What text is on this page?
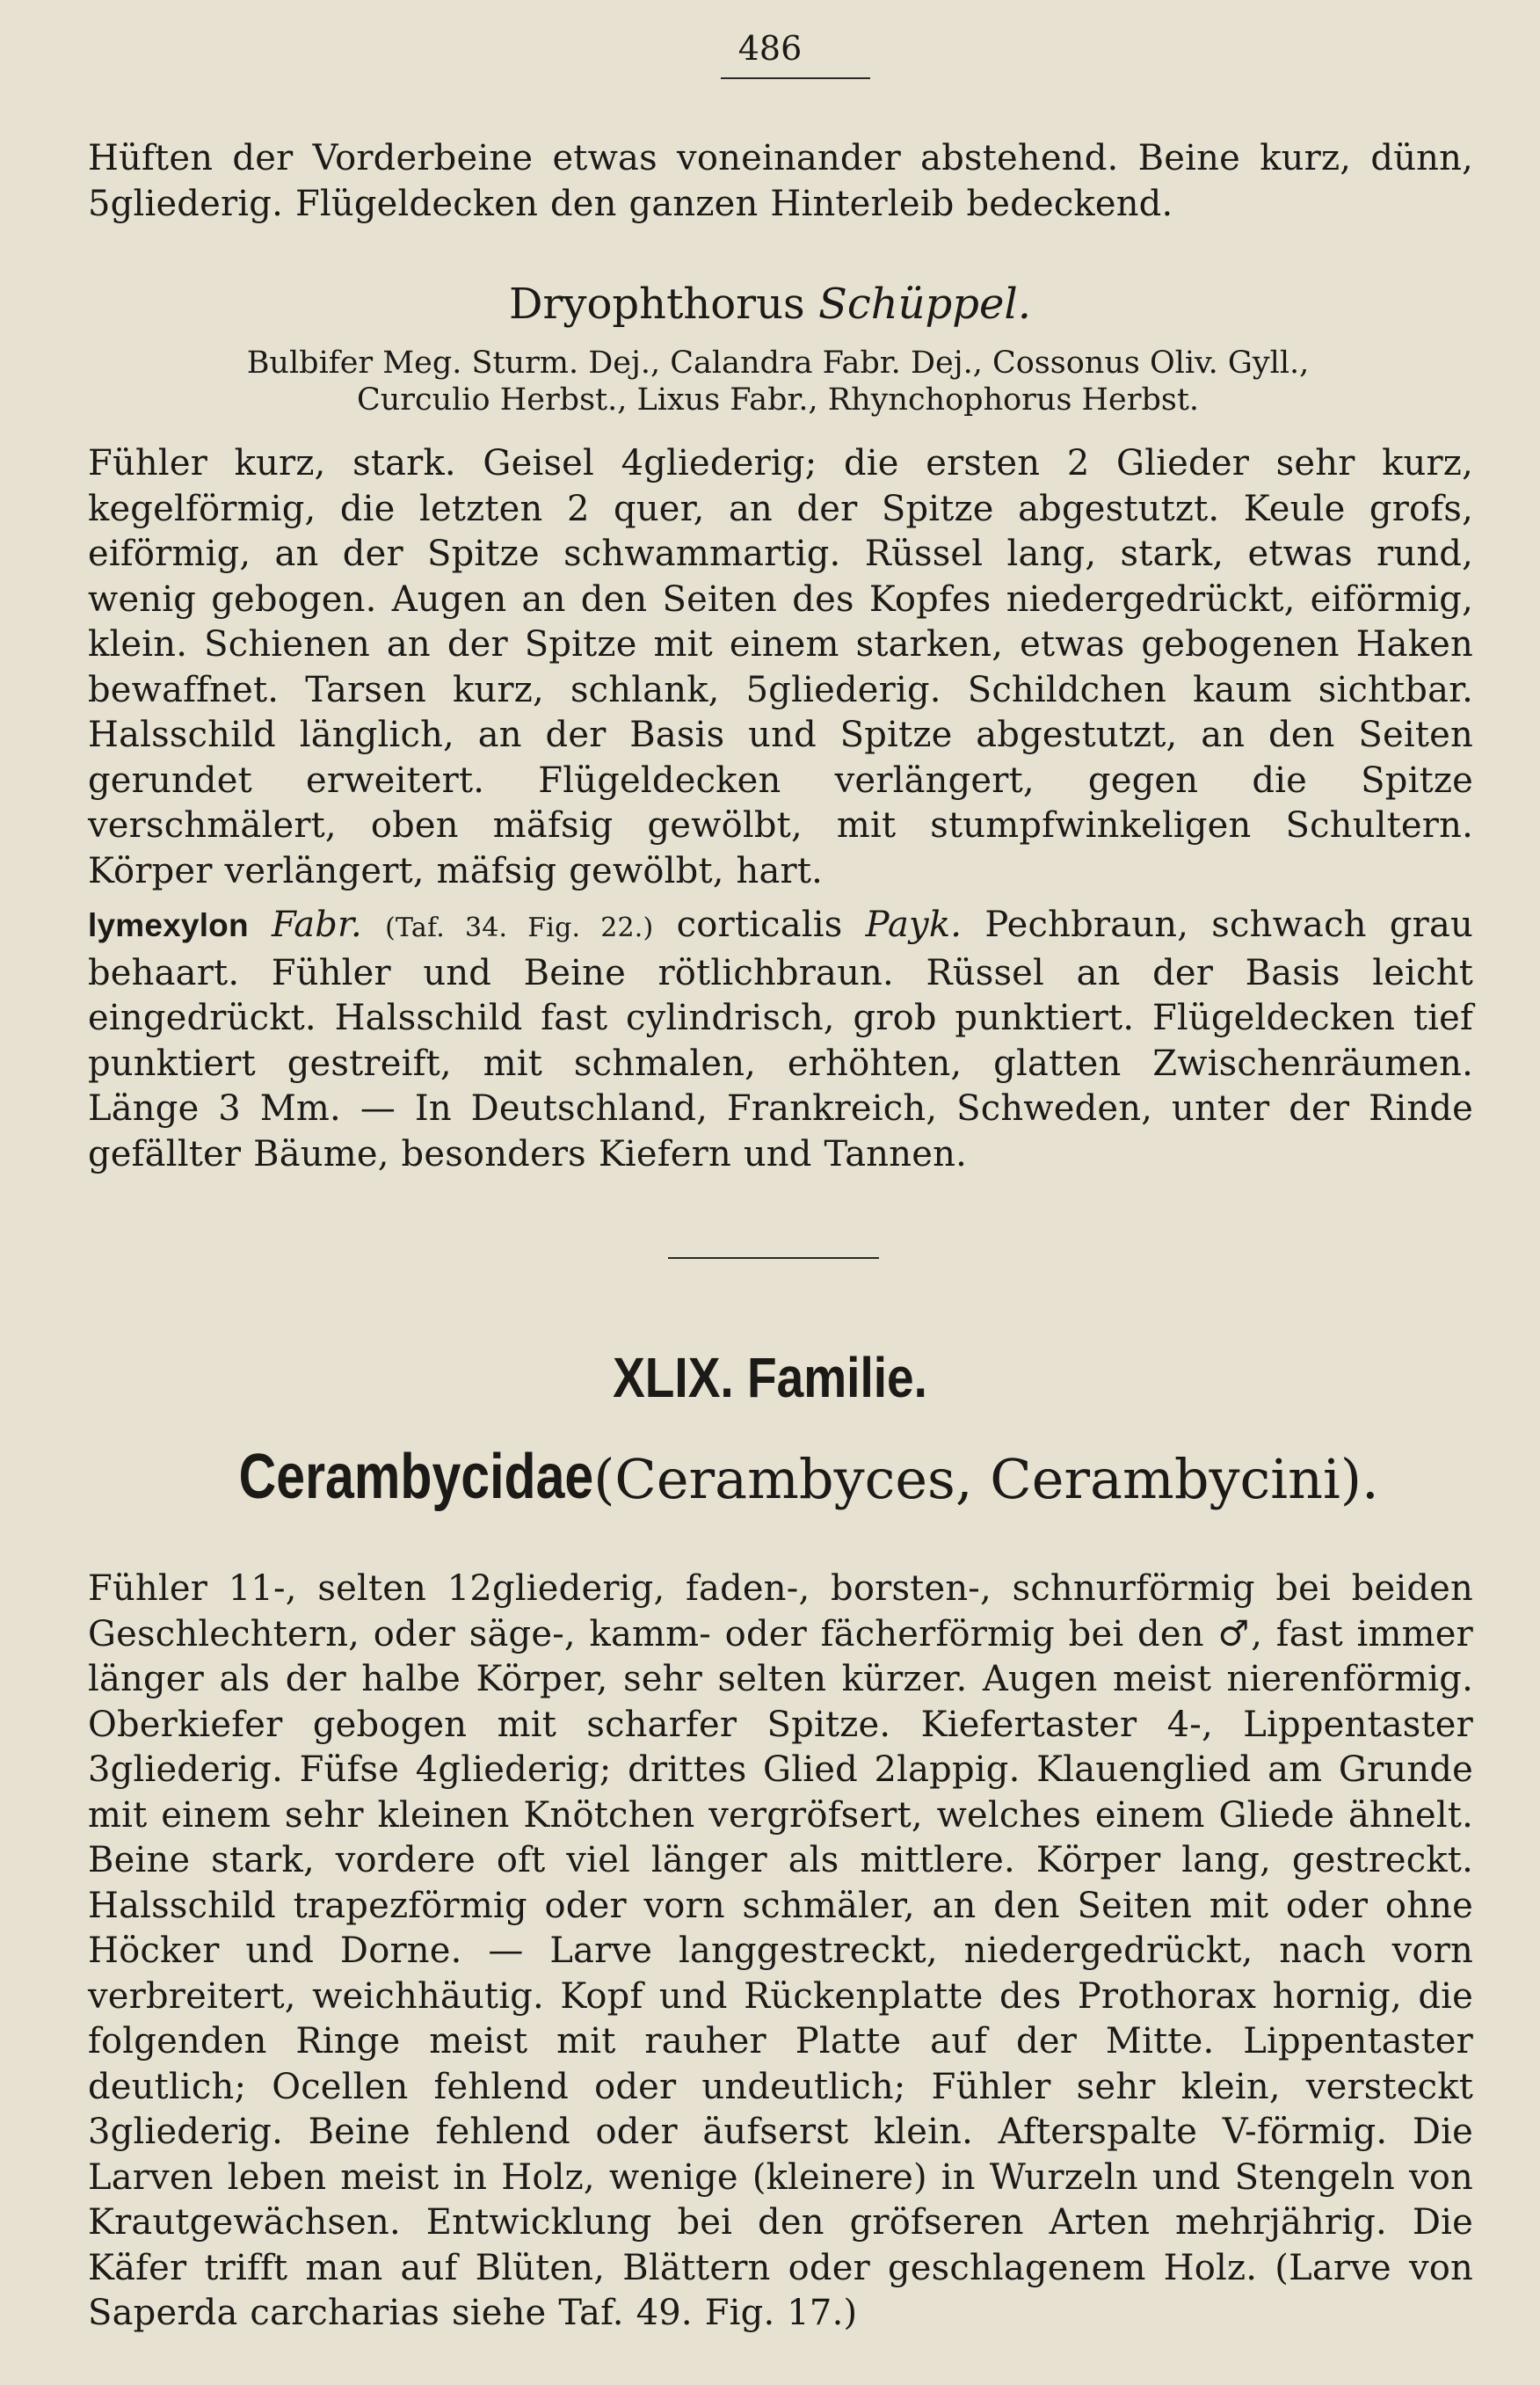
486
Hüften der Vorderbeine etwas voneinander abstehend. Beine kurz, dünn, 5gliederig. Flügeldecken den ganzen Hinterleib bedeckend.
Dryophthorus Schüppel.
Bulbifer Meg. Sturm. Dej., Calandra Fabr. Dej., Cossonus Oliv. Gyll., Curculio Herbst., Lixus Fabr., Rhynchophorus Herbst.
Fühler kurz, stark. Geisel 4gliederig; die ersten 2 Glieder sehr kurz, kegelförmig, die letzten 2 quer, an der Spitze abgestutzt. Keule grofs, eiförmig, an der Spitze schwammartig. Rüssel lang, stark, etwas rund, wenig gebogen. Augen an den Seiten des Kopfes niedergedrückt, eiförmig, klein. Schienen an der Spitze mit einem starken, etwas gebogenen Haken bewaffnet. Tarsen kurz, schlank, 5gliederig. Schildchen kaum sichtbar. Halsschild länglich, an der Basis und Spitze abgestutzt, an den Seiten gerundet erweitert. Flügeldecken verlängert, gegen die Spitze verschmälert, oben mäfsig gewölbt, mit stumpfwinkeligen Schultern. Körper verlängert, mäfsig gewölbt, hart.
lymexylon Fabr. (Taf. 34. Fig. 22.) corticalis Payk. Pechbraun, schwach grau behaart. Fühler und Beine rötlichbraun. Rüssel an der Basis leicht eingedrückt. Halsschild fast cylindrisch, grob punktiert. Flügeldecken tief punktiert gestreift, mit schmalen, erhöhten, glatten Zwischenräumen. Länge 3 Mm. — In Deutschland, Frankreich, Schweden, unter der Rinde gefällter Bäume, besonders Kiefern und Tannen.
XLIX. Familie.
Cerambycidae (Cerambyces, Cerambycini).
Fühler 11-, selten 12gliederig, faden-, borsten-, schnurförmig bei beiden Geschlechtern, oder säge-, kamm- oder fächerförmig bei den ♂, fast immer länger als der halbe Körper, sehr selten kürzer. Augen meist nierenförmig. Oberkiefer gebogen mit scharfer Spitze. Kiefertaster 4-, Lippentaster 3gliederig. Füfse 4gliederig; drittes Glied 2lappig. Klauenglied am Grunde mit einem sehr kleinen Knötchen vergröfsert, welches einem Gliede ähnelt. Beine stark, vordere oft viel länger als mittlere. Körper lang, gestreckt. Halsschild trapezförmig oder vorn schmäler, an den Seiten mit oder ohne Höcker und Dorne. — Larve langgestreckt, niedergedrückt, nach vorn verbreitert, weichhäutig. Kopf und Rückenplatte des Prothorax hornig, die folgenden Ringe meist mit rauher Platte auf der Mitte. Lippentaster deutlich; Ocellen fehlend oder undeutlich; Fühler sehr klein, versteckt 3gliederig. Beine fehlend oder äufserst klein. Afterspalte V-förmig. Die Larven leben meist in Holz, wenige (kleinere) in Wurzeln und Stengeln von Krautgewächsen. Entwicklung bei den gröfseren Arten mehrjährig. Die Käfer trifft man auf Blüten, Blättern oder geschlagenem Holz. (Larve von Saperda carcharias siehe Taf. 49. Fig. 17.)
